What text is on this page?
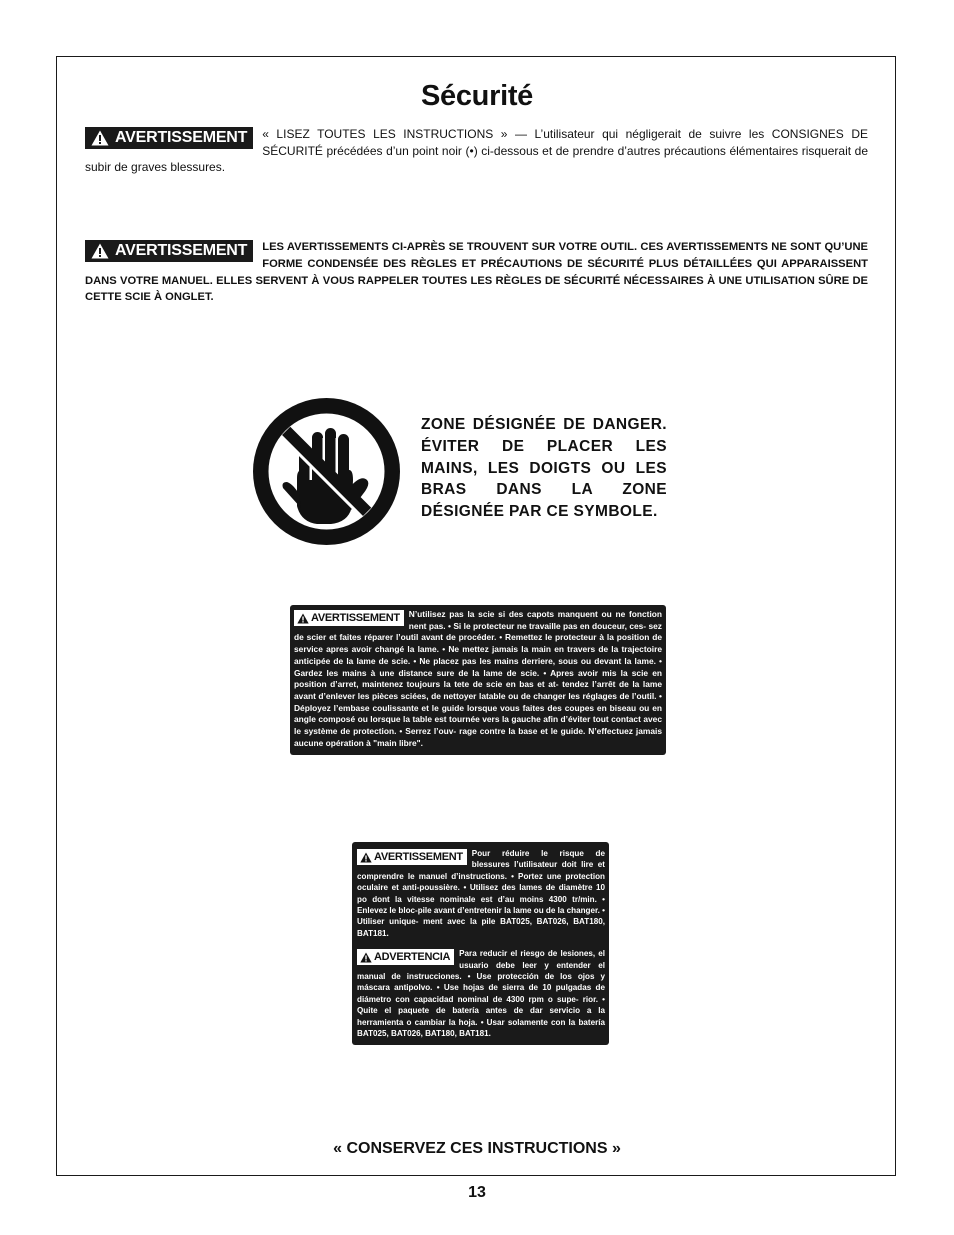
Sécurité
AVERTISSEMENT « LISEZ TOUTES LES INSTRUCTIONS » — L’utilisateur qui négligerait de suivre les CONSIGNES DE SÉCURITÉ précédées d’un point noir (•) ci-dessous et de prendre d’autres précautions élémentaires risquerait de subir de graves blessures.
AVERTISSEMENT LES AVERTISSEMENTS CI-APRÈS SE TROUVENT SUR VOTRE OUTIL. CES AVERTISSEMENTS NE SONT QU’UNE FORME CONDENSÉE DES RÈGLES ET PRÉCAUTIONS DE SÉCURITÉ PLUS DÉTAILLÉES QUI APPARAISSENT DANS VOTRE MANUEL. ELLES SERVENT À VOUS RAPPELER TOUTES LES RÈGLES DE SÉCURITÉ NÉCESSAIRES À UNE UTILISATION SÛRE DE CETTE SCIE À ONGLET.
ZONE DÉSIGNÉE DE DANGER. ÉVITER DE PLACER LES MAINS, LES DOIGTS OU LES BRAS DANS LA ZONE DÉSIGNÉE PAR CE SYMBOLE.
AVERTISSEMENT N’utilisez pas la scie si des capots manquent ou ne fonction nent pas. • Si le protecteur ne travaille pas en douceur, ces- sez de scier et faites réparer l’outil avant de procéder. • Remettez le protecteur à la position de service apres avoir changé la lame. • Ne mettez jamais la main en travers de la trajectoire anticipée de la lame de scie. • Ne placez pas les mains derriere, sous ou devant la lame. • Gardez les mains à une distance sure de la lame de scie. • Apres avoir mis la scie en position d’arret, maintenez toujours la tete de scie en bas et at- tendez l’arrêt de la lame avant d’enlever les pièces sciées, de nettoyer latable ou de changer les réglages de l’outil. • Déployez l’embase coulissante et le guide lorsque vous faites des coupes en biseau ou en angle composé ou lorsque la table est tournée vers la gauche afin d’éviter tout contact avec le système de protection. • Serrez l’ouv- rage contre la base et le guide. N’effectuez jamais aucune opération à "main libre".
AVERTISSEMENT Pour réduire le risque de blessures l’utilisateur doit lire et comprendre le manuel d’instructions. • Portez une protection oculaire et anti-poussière. • Utilisez des lames de diamètre 10 po dont la vitesse nominale est d’au moins 4300 tr/min. • Enlevez le bloc-pile avant d’entretenir la lame ou de la changer. • Utiliser unique- ment avec la pile BAT025, BAT026, BAT180, BAT181.
ADVERTENCIA Para reducir el riesgo de lesiones, el usuario debe leer y entender el manual de instrucciones. • Use protección de los ojos y máscara antipolvo. • Use hojas de sierra de 10 pulgadas de diámetro con capacidad nominal de 4300 rpm o supe- rior. • Quite el paquete de batería antes de dar servicio a la herramienta o cambiar la hoja. • Usar solamente con la batería BAT025, BAT026, BAT180, BAT181.
« CONSERVEZ CES INSTRUCTIONS »
13
